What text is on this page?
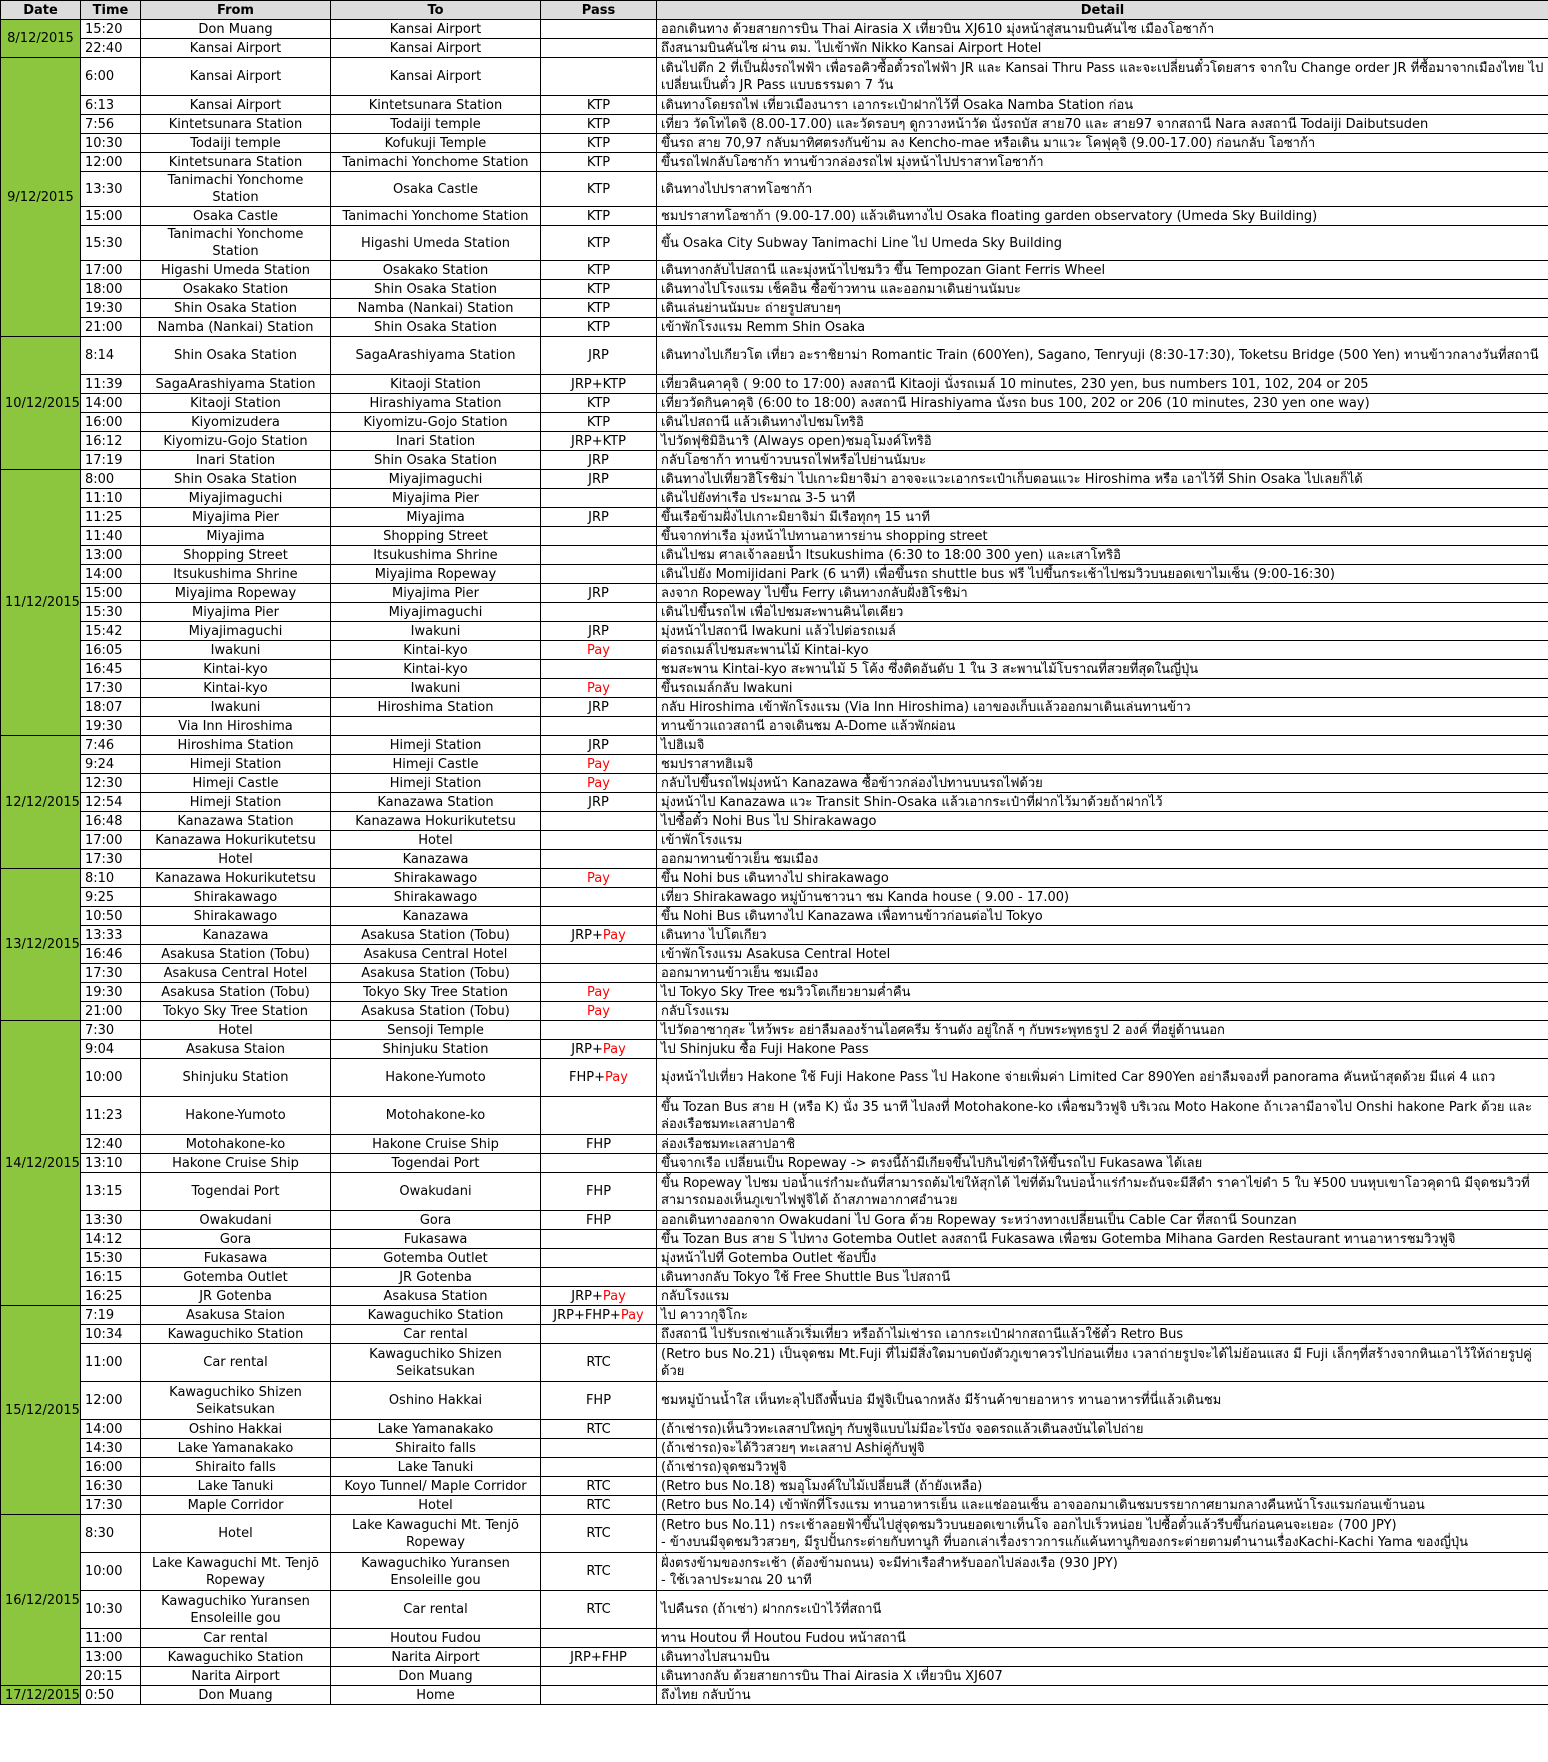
Date	Time	From	To	Pass	Detail
8/12/2015	15:20	Don Muang	Kansai Airport		ออกเดินทาง ด้วยสายการบิน Thai Airasia X เที่ยวบิน XJ610 มุ่งหน้าสู่สนามบินคันไซ เมืองโอซาก้า
	22:40	Kansai Airport	Kansai Airport		ถึงสนามบินคันไซ ผ่าน ตม. ไปเข้าพัก Nikko Kansai Airport Hotel
9/12/2015	6:00	Kansai Airport	Kansai Airport		เดินไปตึก 2 ที่เป็นฝั่งรถไฟฟ้า เพื่อรอคิวซื้อตั๋วรถไฟฟ้า JR และ Kansai Thru Pass และจะเปลี่ยนตั๋วโดยสาร จากใบ Change order JR ที่ซื้อมาจากเมืองไทย ไปเปลี่ยนเป็นตั๋ว JR Pass แบบธรรมดา 7 วัน
	6:13	Kansai Airport	Kintetsunara Station	KTP	เดินทางโดยรถไฟ เที่ยวเมืองนารา เอากระเป๋าฝากไว้ที่ Osaka Namba Station ก่อน
	7:56	Kintetsunara Station	Todaiji temple	KTP	เที่ยว วัดโทไดจิ (8.00-17.00) และวัดรอบๆ ดูกวางหน้าวัด นั่งรถบัส สาย70 และ สาย97 จากสถานี Nara ลงสถานี Todaiji Daibutsuden
	10:30	Todaiji temple	Kofukuji Temple	KTP	ขึ้นรถ สาย 70,97 กลับมาทิศตรงกันข้าม ลง Kencho-mae หรือเดิน มาแวะ โคฟุคุจิ (9.00-17.00) ก่อนกลับ โอซาก้า
	12:00	Kintetsunara Station	Tanimachi Yonchome Station	KTP	ขึ้นรถไฟกลับโอซาก้า ทานข้าวกล่องรถไฟ มุ่งหน้าไปปราสาทโอซาก้า
	13:30	Tanimachi Yonchome Station	Osaka Castle	KTP	เดินทางไปปราสาทโอซาก้า
	15:00	Osaka Castle	Tanimachi Yonchome Station	KTP	ชมปราสาทโอซาก้า (9.00-17.00) แล้วเดินทางไป Osaka floating garden observatory (Umeda Sky Building)
	15:30	Tanimachi Yonchome Station	Higashi Umeda Station	KTP	ขึ้น Osaka City Subway Tanimachi Line ไป Umeda Sky Building
	17:00	Higashi Umeda Station	Osakako Station	KTP	เดินทางกลับไปสถานี และมุ่งหน้าไปชมวิว ขึ้น Tempozan Giant Ferris Wheel
	18:00	Osakako Station	Shin Osaka Station	KTP	เดินทางไปโรงแรม เช็คอิน ซื้อข้าวทาน และออกมาเดินย่านนัมบะ
	19:30	Shin Osaka Station	Namba (Nankai) Station	KTP	เดินเล่นย่านนัมบะ ถ่ายรูปสบายๆ
	21:00	Namba (Nankai) Station	Shin Osaka Station	KTP	เข้าพักโรงแรม Remm Shin Osaka
10/12/2015	8:14	Shin Osaka Station	SagaArashiyama Station	JRP	เดินทางไปเกียวโต เที่ยว อะราชิยาม่า Romantic Train (600Yen), Sagano, Tenryuji (8:30-17:30), Toketsu Bridge (500 Yen) ทานข้าวกลางวันที่สถานี
	11:39	SagaArashiyama Station	Kitaoji Station	JRP+KTP	เที่ยวคินคาคุจิ ( 9:00 to 17:00) ลงสถานี Kitaoji นั่งรถเมล์ 10 minutes, 230 yen, bus numbers 101, 102, 204 or 205
	14:00	Kitaoji Station	Hirashiyama Station	KTP	เที่ยววัดกินคาคุจิ (6:00 to 18:00) ลงสถานี Hirashiyama นั่งรถ bus 100, 202 or 206 (10 minutes, 230 yen one way)
	16:00	Kiyomizudera	Kiyomizu-Gojo Station	KTP	เดินไปสถานี แล้วเดินทางไปชมโทริอิ
	16:12	Kiyomizu-Gojo Station	Inari Station	JRP+KTP	ไปวัดฟุชิมิอินาริ (Always open)ชมอุโมงค์โทริอิ
	17:19	Inari Station	Shin Osaka Station	JRP	กลับโอซาก้า ทานข้าวบนรถไฟหรือไปย่านนัมบะ
11/12/2015	8:00	Shin Osaka Station	Miyajimaguchi	JRP	เดินทางไปเที่ยวฮิโรชิม่า ไปเกาะมิยาจิม่า อาจจะแวะเอากระเป๋าเก็บตอนแวะ Hiroshima หรือ เอาไว้ที่ Shin Osaka ไปเลยก็ได้
	11:10	Miyajimaguchi	Miyajima Pier		เดินไปยังท่าเรือ ประมาณ 3-5 นาที
	11:25	Miyajima Pier	Miyajima	JRP	ขึ้นเรือข้ามฝั่งไปเกาะมิยาจิม่า มีเรือทุกๆ 15 นาที
	11:40	Miyajima	Shopping Street		ขึ้นจากท่าเรือ มุ่งหน้าไปทานอาหารย่าน shopping street
	13:00	Shopping Street	Itsukushima Shrine		เดินไปชม ศาลเจ้าลอยน้ำ Itsukushima (6:30 to 18:00 300 yen) และเสาโทริอิ
	14:00	Itsukushima Shrine	Miyajima Ropeway		เดินไปยัง Momijidani Park (6 นาที) เพื่อขึ้นรถ shuttle bus ฟรี ไปขึ้นกระเช้าไปชมวิวบนยอดเขาไมเซ็น (9:00-16:30)
	15:00	Miyajima Ropeway	Miyajima Pier	JRP	ลงจาก Ropeway ไปขึ้น Ferry เดินทางกลับฝั่งฮิโรชิม่า
	15:30	Miyajima Pier	Miyajimaguchi		เดินไปขึ้นรถไฟ เพื่อไปชมสะพานคินไตเคียว
	15:42	Miyajimaguchi	Iwakuni	JRP	มุ่งหน้าไปสถานี Iwakuni แล้วไปต่อรถเมล์
	16:05	Iwakuni	Kintai-kyo	Pay	ต่อรถเมล์ไปชมสะพานไม้ Kintai-kyo
	16:45	Kintai-kyo	Kintai-kyo		ชมสะพาน Kintai-kyo สะพานไม้ 5 โค้ง ซึ่งติดอันดับ 1 ใน 3 สะพานไม้โบราณที่สวยที่สุดในญี่ปุ่น
	17:30	Kintai-kyo	Iwakuni	Pay	ขึ้นรถเมล์กลับ Iwakuni
	18:07	Iwakuni	Hiroshima Station	JRP	กลับ Hiroshima เข้าพักโรงแรม (Via Inn Hiroshima) เอาของเก็บแล้วออกมาเดินเล่นทานข้าว
	19:30	Via Inn Hiroshima			ทานข้าวแถวสถานี อาจเดินชม A-Dome แล้วพักผ่อน
12/12/2015	7:46	Hiroshima Station	Himeji Station	JRP	ไปฮิเมจิ
	9:24	Himeji Station	Himeji Castle	Pay	ชมปราสาทฮิเมจิ
	12:30	Himeji Castle	Himeji Station	Pay	กลับไปขึ้นรถไฟมุ่งหน้า Kanazawa ซื้อข้าวกล่องไปทานบนรถไฟด้วย
	12:54	Himeji Station	Kanazawa Station	JRP	มุ่งหน้าไป Kanazawa แวะ Transit Shin-Osaka แล้วเอากระเป๋าที่ฝากไว้มาด้วยถ้าฝากไว้
	16:48	Kanazawa Station	Kanazawa Hokurikutetsu		ไปซื้อตั๋ว Nohi Bus ไป Shirakawago
	17:00	Kanazawa Hokurikutetsu	Hotel		เข้าพักโรงแรม
	17:30	Hotel	Kanazawa		ออกมาทานข้าวเย็น ชมเมือง
13/12/2015	8:10	Kanazawa Hokurikutetsu	Shirakawago	Pay	ขึ้น Nohi bus เดินทางไป shirakawago
	9:25	Shirakawago	Shirakawago		เที่ยว Shirakawago หมู่บ้านชาวนา ชม Kanda house ( 9.00 - 17.00)
	10:50	Shirakawago	Kanazawa		ขึ้น Nohi Bus เดินทางไป Kanazawa เพื่อทานข้าวก่อนต่อไป Tokyo
	13:33	Kanazawa	Asakusa Station (Tobu)	JRP+Pay	เดินทาง ไปโตเกียว
	16:46	Asakusa Station (Tobu)	Asakusa Central Hotel		เข้าพักโรงแรม Asakusa Central Hotel
	17:30	Asakusa Central Hotel	Asakusa Station (Tobu)		ออกมาทานข้าวเย็น ชมเมือง
	19:30	Asakusa Station (Tobu)	Tokyo Sky Tree Station	Pay	ไป Tokyo Sky Tree ชมวิวโตเกียวยามค่ำคืน
	21:00	Tokyo Sky Tree Station	Asakusa Station (Tobu)	Pay	กลับโรงแรม
14/12/2015	7:30	Hotel	Sensoji Temple		ไปวัดอาซากุสะ ไหว้พระ อย่าลืมลองร้านไอศครีม ร้านดัง อยู่ใกล้ ๆ กับพระพุทธรูป 2 องค์ ที่อยู่ด้านนอก
	9:04	Asakusa Staion	Shinjuku Station	JRP+Pay	ไป Shinjuku ซื้อ Fuji Hakone Pass
	10:00	Shinjuku Station	Hakone-Yumoto	FHP+Pay	มุ่งหน้าไปเที่ยว Hakone ใช้ Fuji Hakone Pass ไป Hakone จ่ายเพิ่มค่า Limited Car 890Yen อย่าลืมจองที่ panorama คันหน้าสุดด้วย มีแค่ 4 แถว
	11:23	Hakone-Yumoto	Motohakone-ko		ขึ้น Tozan Bus สาย H (หรือ K) นั่ง 35 นาที ไปลงที่ Motohakone-ko เพื่อชมวิวฟูจิ บริเวณ Moto Hakone ถ้าเวลามีอาจไป Onshi hakone Park ด้วย และล่องเรือชมทะเลสาปอาชิ
	12:40	Motohakone-ko	Hakone Cruise Ship	FHP	ล่องเรือชมทะเลสาปอาชิ
	13:10	Hakone Cruise Ship	Togendai Port		ขึ้นจากเรือ เปลี่ยนเป็น Ropeway -> ตรงนี้ถ้ามีเกียจขึ้นไปกินไข่ดำให้ขึ้นรถไป Fukasawa ได้เลย
	13:15	Togendai Port	Owakudani	FHP	ขึ้น Ropeway ไปชม บ่อน้ำแร่กำมะถันที่สามารถต้มไข่ให้สุกได้ ไข่ที่ต้มในบ่อน้ำแร่กำมะถันจะมีสีดำ ราคาไข่ดำ 5 ใบ ¥500 บนหุบเขาโอวคุดานิ มีจุดชมวิวที่สามารถมองเห็นภูเขาไฟฟูจิได้ ถ้าสภาพอากาศอำนวย
	13:30	Owakudani	Gora	FHP	ออกเดินทางออกจาก Owakudani ไป Gora ด้วย Ropeway ระหว่างทางเปลี่ยนเป็น Cable Car ที่สถานี Sounzan
	14:12	Gora	Fukasawa		ขึ้น Tozan Bus สาย S ไปทาง Gotemba Outlet ลงสถานี Fukasawa เพื่อชม Gotemba Mihana Garden Restaurant ทานอาหารชมวิวฟูจิ
	15:30	Fukasawa	Gotemba Outlet		มุ่งหน้าไปที่ Gotemba Outlet ช้อปปิ้ง
	16:15	Gotemba Outlet	JR Gotenba		เดินทางกลับ Tokyo ใช้ Free Shuttle Bus ไปสถานี
	16:25	JR Gotenba	Asakusa Station	JRP+Pay	กลับโรงแรม
15/12/2015	7:19	Asakusa Staion	Kawaguchiko Station	JRP+FHP+Pay	ไป คาวากุจิโกะ
	10:34	Kawaguchiko Station	Car rental		ถึงสถานี ไปรับรถเช่าแล้วเริ่มเที่ยว หรือถ้าไม่เช่ารถ เอากระเป๋าฝากสถานีแล้วใช้ตั๋ว Retro Bus
	11:00	Car rental	Kawaguchiko Shizen Seikatsukan	RTC	(Retro bus No.21) เป็นจุดชม Mt.Fuji ที่ไม่มีสิ่งใดมาบดบังตัวภูเขาควรไปก่อนเที่ยง เวลาถ่ายรูปจะได้ไม่ย้อนแสง มี Fuji เล็กๆที่สร้างจากหินเอาไว้ให้ถ่ายรูปคู่ด้วย
	12:00	Kawaguchiko Shizen Seikatsukan	Oshino Hakkai	FHP	ชมหมู่บ้านน้ำใส เห็นทะลุไปถึงพื้นบ่อ มีฟูจิเป็นฉากหลัง มีร้านค้าขายอาหาร ทานอาหารที่นี่แล้วเดินชม
	14:00	Oshino Hakkai	Lake Yamanakako	RTC	(ถ้าเช่ารถ)เห็นวิวทะเลสาปใหญ่ๆ กับฟูจิแบบไม่มีอะไรบัง จอดรถแล้วเดินลงบันไดไปถ่าย
	14:30	Lake Yamanakako	Shiraito falls		(ถ้าเช่ารถ)จะได้วิวสวยๆ ทะเลสาป Ashiคู่กับฟูจิ
	16:00	Shiraito falls	Lake Tanuki		(ถ้าเช่ารถ)จุดชมวิวฟูจิ
	16:30	Lake Tanuki	Koyo Tunnel/ Maple Corridor	RTC	(Retro bus No.18) ชมอุโมงค์ใบไม้เปลี่ยนสี (ถ้ายังเหลือ)
	17:30	Maple Corridor	Hotel	RTC	(Retro bus No.14) เข้าพักที่โรงแรม ทานอาหารเย็น และแช่ออนเซ็น อาจออกมาเดินชมบรรยากาศยามกลางคืนหน้าโรงแรมก่อนเข้านอน
16/12/2015	8:30	Hotel	Lake Kawaguchi Mt. Tenjō Ropeway	RTC	(Retro bus No.11) กระเช้าลอยฟ้าขึ้นไปสู่จุดชมวิวบนยอดเขาเท็นโจ ออกไปเร็วหน่อย ไปซื้อตั๋วแล้วรีบขึ้นก่อนคนจะเยอะ (700 JPY)
- ข้างบนมีจุดชมวิวสวยๆ, มีรูปปั้นกระต่ายกับทานูกิ ที่บอกเล่าเรื่องราวการแก้แค้นทานูกิของกระต่ายตามตำนานเรื่องKachi-Kachi Yama ของญี่ปุ่น
	10:00	Lake Kawaguchi Mt. Tenjō Ropeway	Kawaguchiko Yuransen Ensoleille gou	RTC	ฝั่งตรงข้ามของกระเช้า (ต้องข้ามถนน) จะมีท่าเรือสำหรับออกไปล่องเรือ (930 JPY)
- ใช้เวลาประมาณ 20 นาที
	10:30	Kawaguchiko Yuransen Ensoleille gou	Car rental	RTC	ไปคืนรถ (ถ้าเช่า) ฝากกระเป๋าไว้ที่สถานี
	11:00	Car rental	Houtou Fudou		ทาน Houtou ที่ Houtou Fudou หน้าสถานี
	13:00	Kawaguchiko Station	Narita Airport	JRP+FHP	เดินทางไปสนามบิน
	20:15	Narita Airport	Don Muang		เดินทางกลับ ด้วยสายการบิน Thai Airasia X เที่ยวบิน XJ607
17/12/2015	0:50	Don Muang	Home		ถึงไทย กลับบ้าน
